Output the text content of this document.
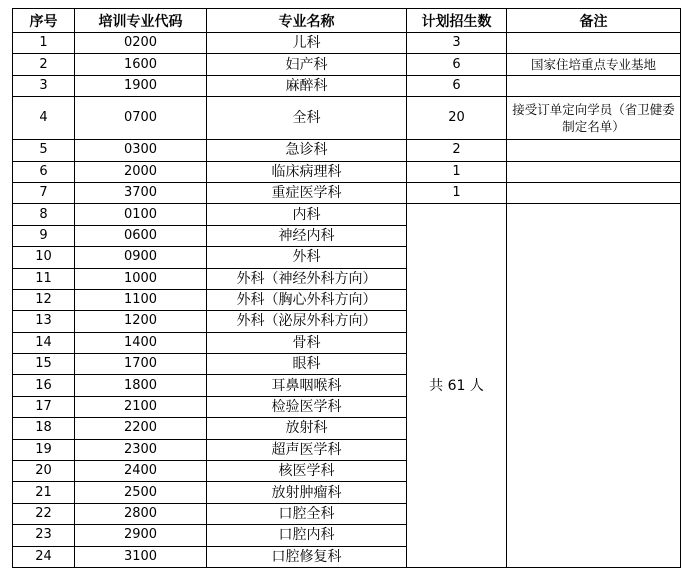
序号	培训专业代码	专业名称	计划招生数	备注
1	0200	儿科	3	
2	1600	妇产科	6	国家住培重点专业基地
3	1900	麻醉科	6	
4	0700	全科	20	接受订单定向学员（省卫健委制定名单）
5	0300	急诊科	2	
6	2000	临床病理科	1	
7	3700	重症医学科	1	
8	0100	内科	共 61 人	
9	0600	神经内科		
10	0900	外科		
11	1000	外科（神经外科方向）		
12	1100	外科（胸心外科方向）		
13	1200	外科（泌尿外科方向）		
14	1400	骨科		
15	1700	眼科		
16	1800	耳鼻咽喉科		
17	2100	检验医学科		
18	2200	放射科		
19	2300	超声医学科		
20	2400	核医学科		
21	2500	放射肿瘤科		
22	2800	口腔全科		
23	2900	口腔内科		
24	3100	口腔修复科		
